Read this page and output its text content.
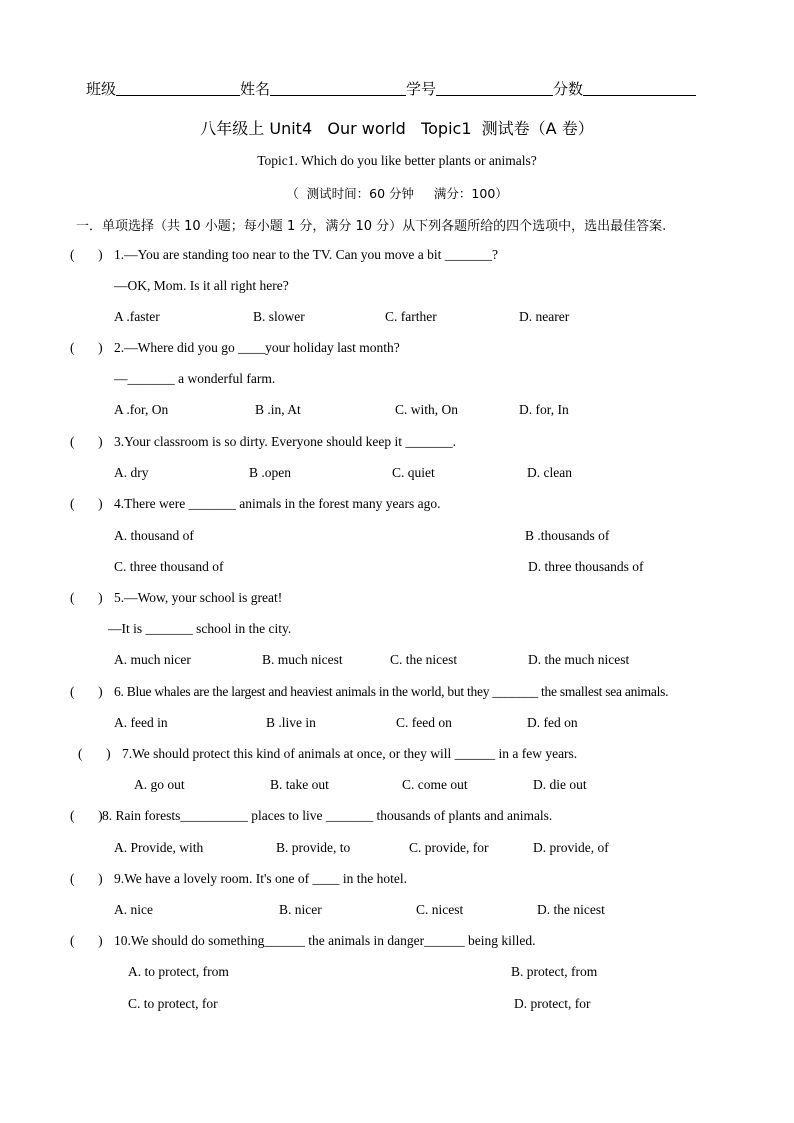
班级	姓名	学号	分数
八年级上 Unit4   Our world   Topic1  测试卷（A 卷）
Topic1. Which do you like better plants or animals?
（  测试时间：60 分钟     满分：100）
一．单项选择（共 10 小题；每小题 1 分，满分 10 分）从下列各题所给的四个选项中，选出最佳答案.
(       ) 1.—You are standing too near to the TV. Can you move a bit _______?
—OK, Mom. Is it all right here?
A .faster	B. slower	C. farther	D. nearer
(       ) 2.—Where did you go ____your holiday last month?
—_______ a wonderful farm.
A .for, On	B .in, At	C. with, On	D. for, In
(       ) 3.Your classroom is so dirty. Everyone should keep it _______.
A. dry	B .open	C. quiet	D. clean
(       ) 4.There were _______ animals in the forest many years ago.
A. thousand of	B .thousands of
C. three thousand of	D. three thousands of
(       ) 5.—Wow, your school is great!
—It is _______ school in the city.
A. much nicer	B. much nicest	C. the nicest	D. the much nicest
(       ) 6. Blue whales are the largest and heaviest animals in the world, but they _______ the smallest sea animals.
A. feed in	B .live in	C. feed on	D. fed on
(       ) 7.We should protect this kind of animals at once, or they will ______ in a few years.
A. go out	B. take out	C. come out	D. die out
(       )8. Rain forests__________ places to live _______ thousands of plants and animals.
A. Provide, with	B. provide, to	C. provide, for	D. provide, of
(       ) 9.We have a lovely room. It's one of ____ in the hotel.
A. nice	B. nicer	C. nicest	D. the nicest
(       ) 10.We should do something______ the animals in danger______ being killed.
A. to protect, from	B. protect, from
C. to protect, for	D. protect, for
